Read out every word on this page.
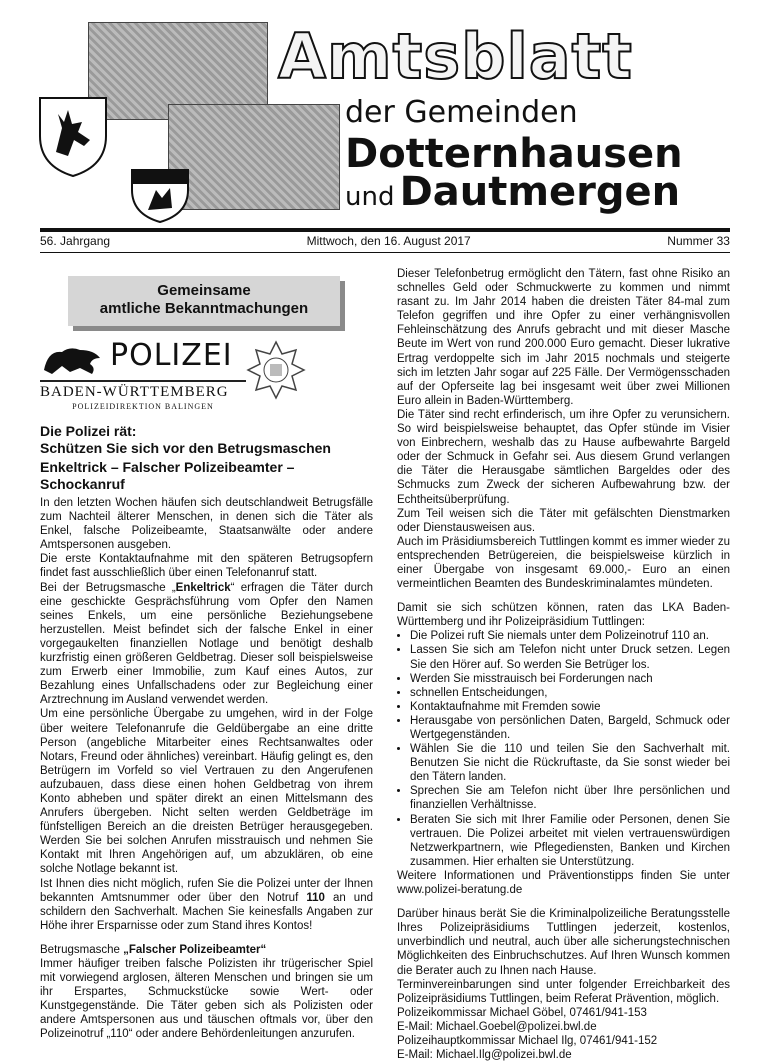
Amtsblatt
der Gemeinden
Dotternhausen
und Dautmergen
56. Jahrgang	Mittwoch, den 16. August 2017	Nummer 33
Gemeinsame
amtliche Bekanntmachungen
POLIZEI
BADEN-WÜRTTEMBERG
POLIZEIDIREKTION BALINGEN
Die Polizei rät:
Schützen Sie sich vor den Betrugsmaschen
Enkeltrick – Falscher Polizeibeamter –
Schockanruf

In den letzten Wochen häufen sich deutschlandweit Betrugsfälle zum Nachteil älterer Menschen, in denen sich die Täter als Enkel, falsche Polizeibeamte, Staatsanwälte oder andere Amtspersonen ausgeben.

Die erste Kontaktaufnahme mit den späteren Betrugsopfern findet fast ausschließlich über einen Telefonanruf statt.

Bei der Betrugsmasche „Enkeltrick“ erfragen die Täter durch eine geschickte Gesprächsführung vom Opfer den Namen seines Enkels, um eine persönliche Beziehungsebene herzustellen. Meist befindet sich der falsche Enkel in einer vorgegaukelten finanziellen Notlage und benötigt deshalb kurzfristig einen größeren Geldbetrag. Dieser soll beispielsweise zum Erwerb einer Immobilie, zum Kauf eines Autos, zur Bezahlung eines Unfallschadens oder zur Begleichung einer Arztrechnung im Ausland verwendet werden.

Um eine persönliche Übergabe zu umgehen, wird in der Folge über weitere Telefonanrufe die Geldübergabe an eine dritte Person (angebliche Mitarbeiter eines Rechtsanwaltes oder Notars, Freund oder ähnliches) vereinbart. Häufig gelingt es, den Betrügern im Vorfeld so viel Vertrauen zu den Angerufenen aufzubauen, dass diese einen hohen Geldbetrag von ihrem Konto abheben und später direkt an einen Mittelsmann des Anrufers übergeben. Nicht selten werden Geldbeträge im fünfstelligen Bereich an die dreisten Betrüger herausgegeben. Werden Sie bei solchen Anrufen misstrauisch und nehmen Sie Kontakt mit Ihren Angehörigen auf, um abzuklären, ob eine solche Notlage bekannt ist.

Ist Ihnen dies nicht möglich, rufen Sie die Polizei unter der Ihnen bekannten Amtsnummer oder über den Notruf 110 an und schildern den Sachverhalt. Machen Sie keinesfalls Angaben zur Höhe ihrer Ersparnisse oder zum Stand ihres Kontos!

Betrugsmasche „Falscher Polizeibeamter“

Immer häufiger treiben falsche Polizisten ihr trügerischer Spiel mit vorwiegend arglosen, älteren Menschen und bringen sie um ihr Erspartes, Schmuckstücke sowie Wert- oder Kunstgegenstände. Die Täter geben sich als Polizisten oder andere Amtspersonen aus und täuschen oftmals vor, über den Polizeinotruf „110“ oder andere Behördenleitungen anzurufen.

Dieser Telefonbetrug ermöglicht den Tätern, fast ohne Risiko an schnelles Geld oder Schmuckwerte zu kommen und nimmt rasant zu. Im Jahr 2014 haben die dreisten Täter 84-mal zum Telefon gegriffen und ihre Opfer zu einer verhängnisvollen Fehleinschätzung des Anrufs gebracht und mit dieser Masche Beute im Wert von rund 200.000 Euro gemacht. Dieser lukrative Ertrag verdoppelte sich im Jahr 2015 nochmals und steigerte sich im letzten Jahr sogar auf 225 Fälle. Der Vermögensschaden auf der Opferseite lag bei insgesamt weit über zwei Millionen Euro allein in Baden-Württemberg.

Die Täter sind recht erfinderisch, um ihre Opfer zu verunsichern. So wird beispielsweise behauptet, das Opfer stünde im Visier von Einbrechern, weshalb das zu Hause aufbewahrte Bargeld oder der Schmuck in Gefahr sei. Aus diesem Grund verlangen die Täter die Herausgabe sämtlichen Bargeldes oder des Schmucks zum Zweck der sicheren Aufbewahrung bzw. der Echtheitsüberprüfung.

Zum Teil weisen sich die Täter mit gefälschten Dienstmarken oder Dienstausweisen aus.

Auch im Präsidiumsbereich Tuttlingen kommt es immer wieder zu entsprechenden Betrügereien, die beispielsweise kürzlich in einer Übergabe von insgesamt 69.000,- Euro an einen vermeintlichen Beamten des Bundeskriminalamtes mündeten.

Damit sie sich schützen können, raten das LKA Baden-Württemberg und ihr Polizeipräsidium Tuttlingen:

• Die Polizei ruft Sie niemals unter dem Polizeinotruf 110 an.
• Lassen Sie sich am Telefon nicht unter Druck setzen. Legen Sie den Hörer auf. So werden Sie Betrüger los.
• Werden Sie misstrauisch bei Forderungen nach
• schnellen Entscheidungen,
• Kontaktaufnahme mit Fremden sowie
• Herausgabe von persönlichen Daten, Bargeld, Schmuck oder Wertgegenständen.
• Wählen Sie die 110 und teilen Sie den Sachverhalt mit. Benutzen Sie nicht die Rückruftaste, da Sie sonst wieder bei den Tätern landen.
• Sprechen Sie am Telefon nicht über Ihre persönlichen und finanziellen Verhältnisse.
• Beraten Sie sich mit Ihrer Familie oder Personen, denen Sie vertrauen. Die Polizei arbeitet mit vielen vertrauenswürdigen Netzwerkpartnern, wie Pflegediensten, Banken und Kirchen zusammen. Hier erhalten sie Unterstützung.

Weitere Informationen und Präventionstipps finden Sie unter www.polizei-beratung.de

Darüber hinaus berät Sie die Kriminalpolizeiliche Beratungsstelle Ihres Polizeipräsidiums Tuttlingen jederzeit, kostenlos, unverbindlich und neutral, auch über alle sicherungstechnischen Möglichkeiten des Einbruchschutzes. Auf Ihren Wunsch kommen die Berater auch zu Ihnen nach Hause.

Terminvereinbarungen sind unter folgender Erreichbarkeit des Polizeipräsidiums Tuttlingen, beim Referat Prävention, möglich.

Polizeikommissar Michael Göbel, 07461/941-153

E-Mail: Michael.Goebel@polizei.bwl.de

Polizeihauptkommissar Michael Ilg, 07461/941-152

E-Mail: Michael.Ilg@polizei.bwl.de
